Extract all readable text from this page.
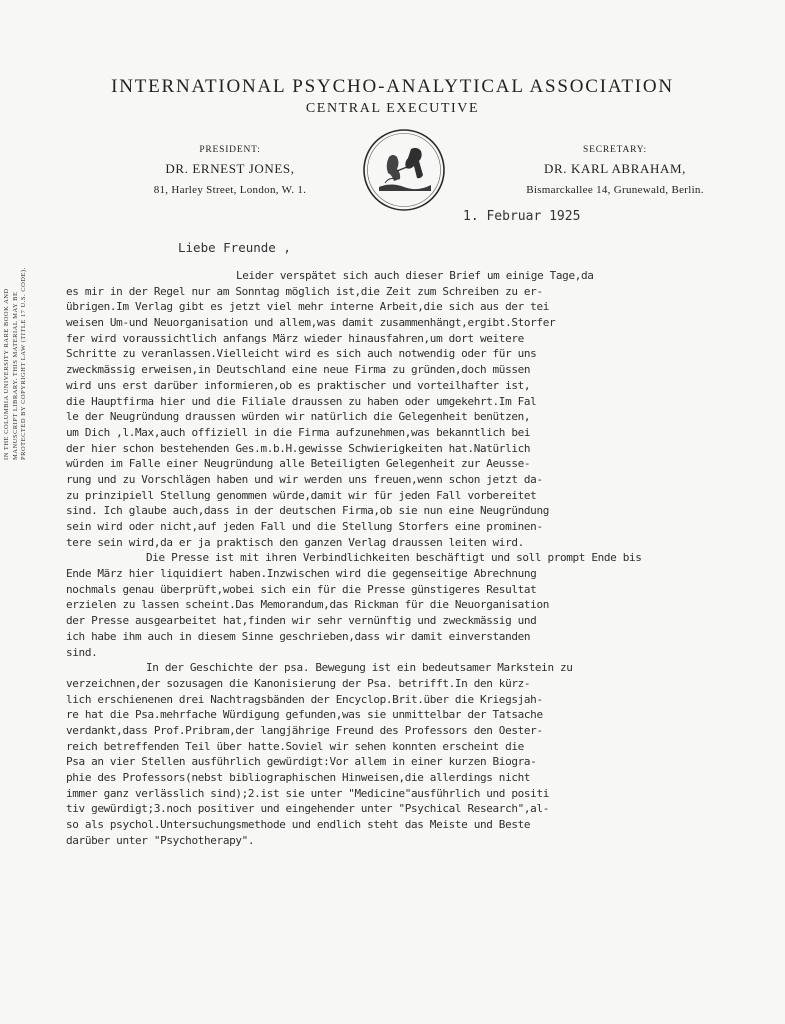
INTERNATIONAL PSYCHO-ANALYTICAL ASSOCIATION
CENTRAL EXECUTIVE
PRESIDENT:
DR. ERNEST JONES,
81, Harley Street, London, W. 1.
SECRETARY:
DR. KARL ABRAHAM,
Bismarckallee 14, Grunewald, Berlin.
IN THE COLUMBIA UNIVERSITY RARE BOOK AND MANUSCRIPT LIBRARY. THIS MATERIAL MAY BE PROTECTED BY COPYRIGHT LAW (TITLE 17 U.S. CODE).
1. Februar 1925
Liebe Freunde ,
Leider verspätet sich auch dieser Brief um einige Tage,da
es mir in der Regel nur am Sonntag möglich ist,die Zeit zum Schreiben zu er-
übrigen.Im Verlag gibt es jetzt viel mehr interne Arbeit,die sich aus der tei
weisen Um-und Neuorganisation und allem,was damit zusammenhängt,ergibt.Storfer
fer wird voraussichtlich anfangs März wieder hinausfahren,um dort weitere
Schritte zu veranlassen.Vielleicht wird es sich auch notwendig oder für uns
zweckmässig erweisen,in Deutschland eine neue Firma zu gründen,doch müssen
wird uns erst darüber informieren,ob es praktischer und vorteilhafter ist,
die Hauptfirma hier und die Filiale draussen zu haben oder umgekehrt.Im Fal
le der Neugründung draussen würden wir natürlich die Gelegenheit benützen,
um Dich ,l.Max,auch offiziell in die Firma aufzunehmen,was bekanntlich bei
der hier schon bestehenden Ges.m.b.H.gewisse Schwierigkeiten hat.Natürlich
würden im Falle einer Neugründung alle Beteiligten Gelegenheit zur Aeusse-
rung und zu Vorschlägen haben und wir werden uns freuen,wenn schon jetzt da-
zu prinzipiell Stellung genommen würde,damit wir für jeden Fall vorbereitet
sind. Ich glaube auch,dass in der deutschen Firma,ob sie nun eine Neugründung
sein wird oder nicht,auf jeden Fall und die Stellung Storfers eine prominen-
tere sein wird,da er ja praktisch den ganzen Verlag draussen leiten wird.
Die Presse ist mit ihren Verbindlichkeiten beschäftigt und soll prompt Ende bis
Ende März hier liquidiert haben.Inzwischen wird die gegenseitige Abrechnung
nochmals genau überprüft,wobei sich ein für die Presse günstigeres Resultat
erzielen zu lassen scheint.Das Memorandum,das Rickman für die Neuorganisation
der Presse ausgearbeitet hat,finden wir sehr vernünftig und zweckmässig und
ich habe ihm auch in diesem Sinne geschrieben,dass wir damit einverstanden
sind.
In der Geschichte der psa. Bewegung ist ein bedeutsamer Markstein zu
verzeichnen,der sozusagen die Kanonisierung der Psa. betrifft.In den kürz-
lich erschienenen drei Nachtragsbänden der Encyclop.Brit.über die Kriegsjah-
re hat die Psa.mehrfache Würdigung gefunden,was sie unmittelbar der Tatsache
verdankt,dass Prof.Pribram,der langjährige Freund des Professors den Oester-
reich betreffenden Teil über hatte.Soviel wir sehen konnten erscheint die
Psa an vier Stellen ausführlich gewürdigt:Vor allem in einer kurzen Biogra-
phie des Professors(nebst bibliographischen Hinweisen,die allerdings nicht
immer ganz verlässlich sind);2.ist sie unter "Medicine"ausführlich und positi
tiv gewürdigt;3.noch positiver und eingehender unter "Psychical Research",al-
so als psychol.Untersuchungsmethode und endlich steht das Meiste und Beste
darüber unter "Psychotherapy".
